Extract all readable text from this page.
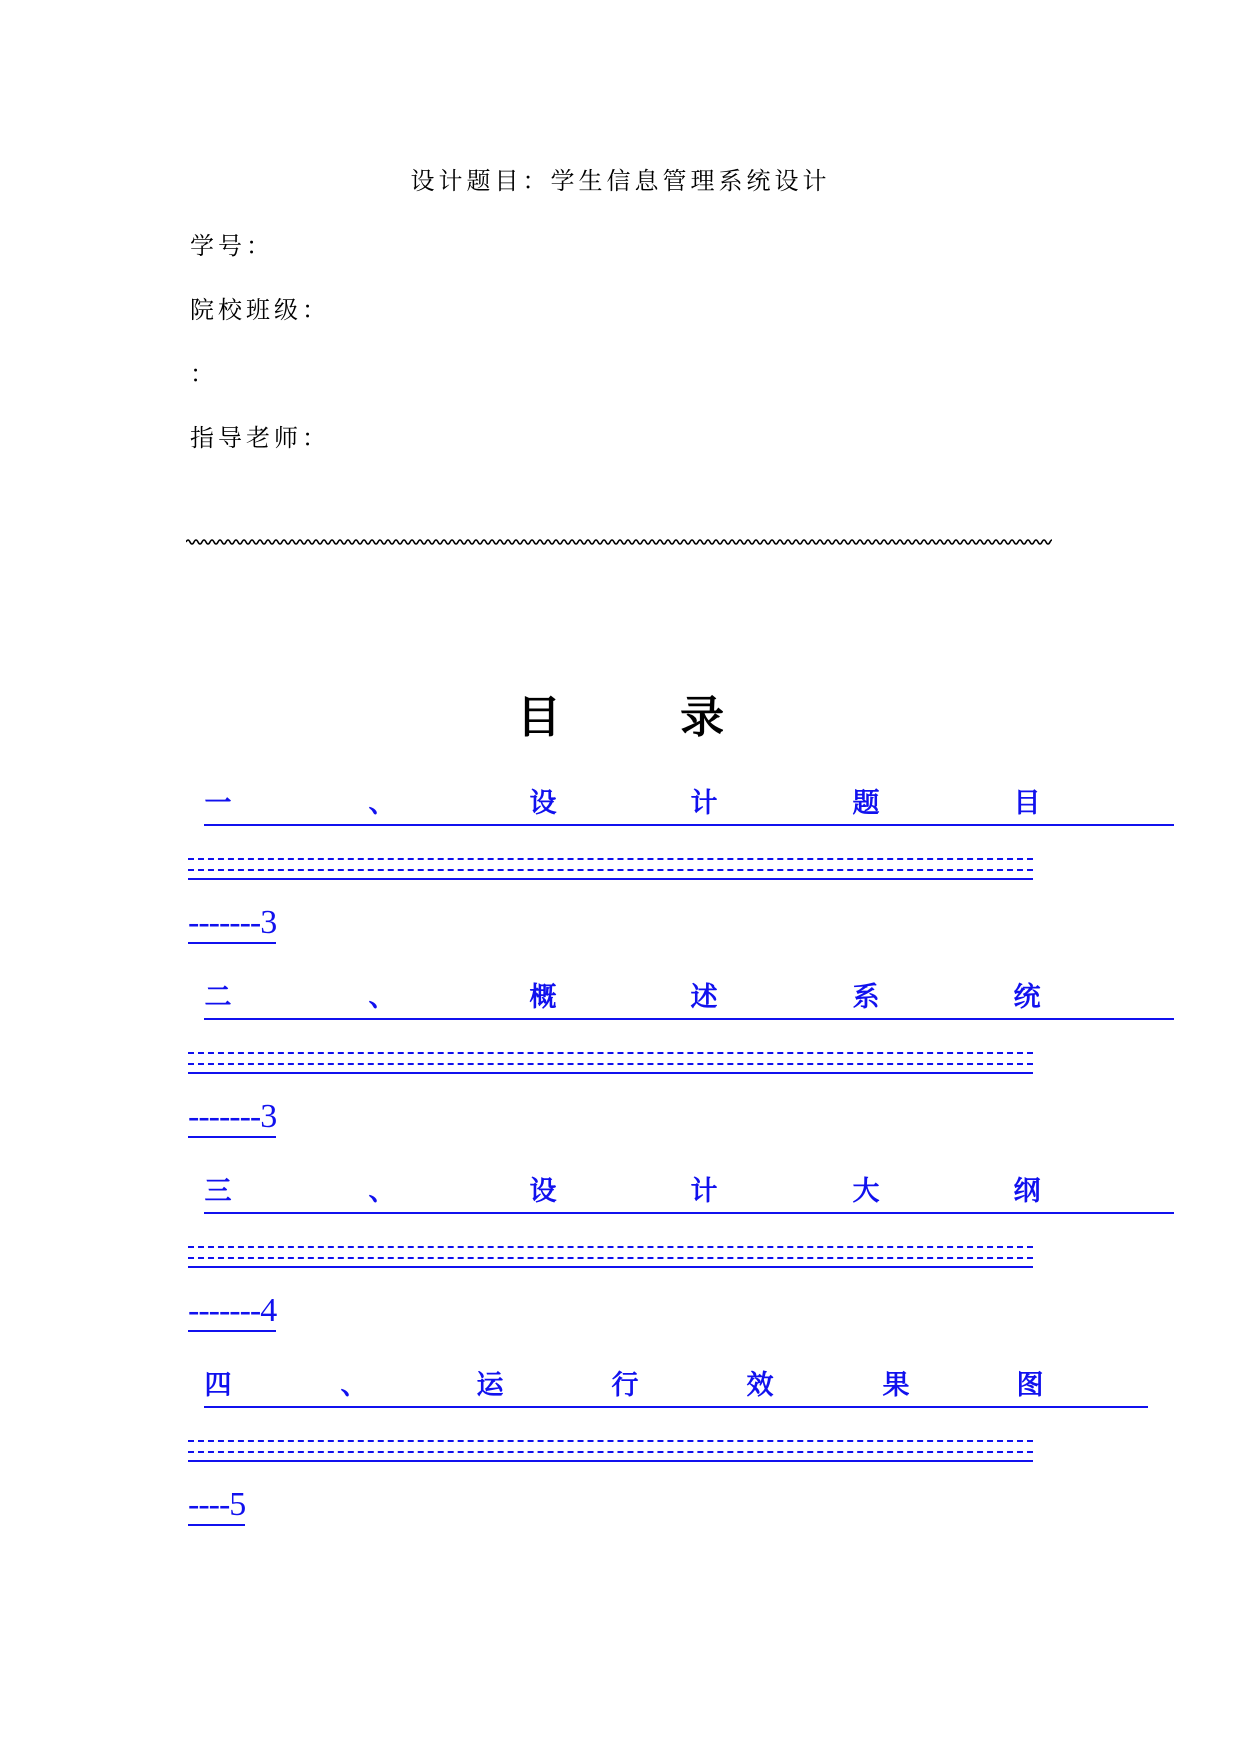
设计题目：学生信息管理系统设计
学号：
院校班级：
：
指导老师：
目 录
一	、	设	计	题	目
-------3
二	、	概	述	系	统
-------3
三	、	设	计	大	纲
-------4
四	、	运	行	效	果	图
----5
